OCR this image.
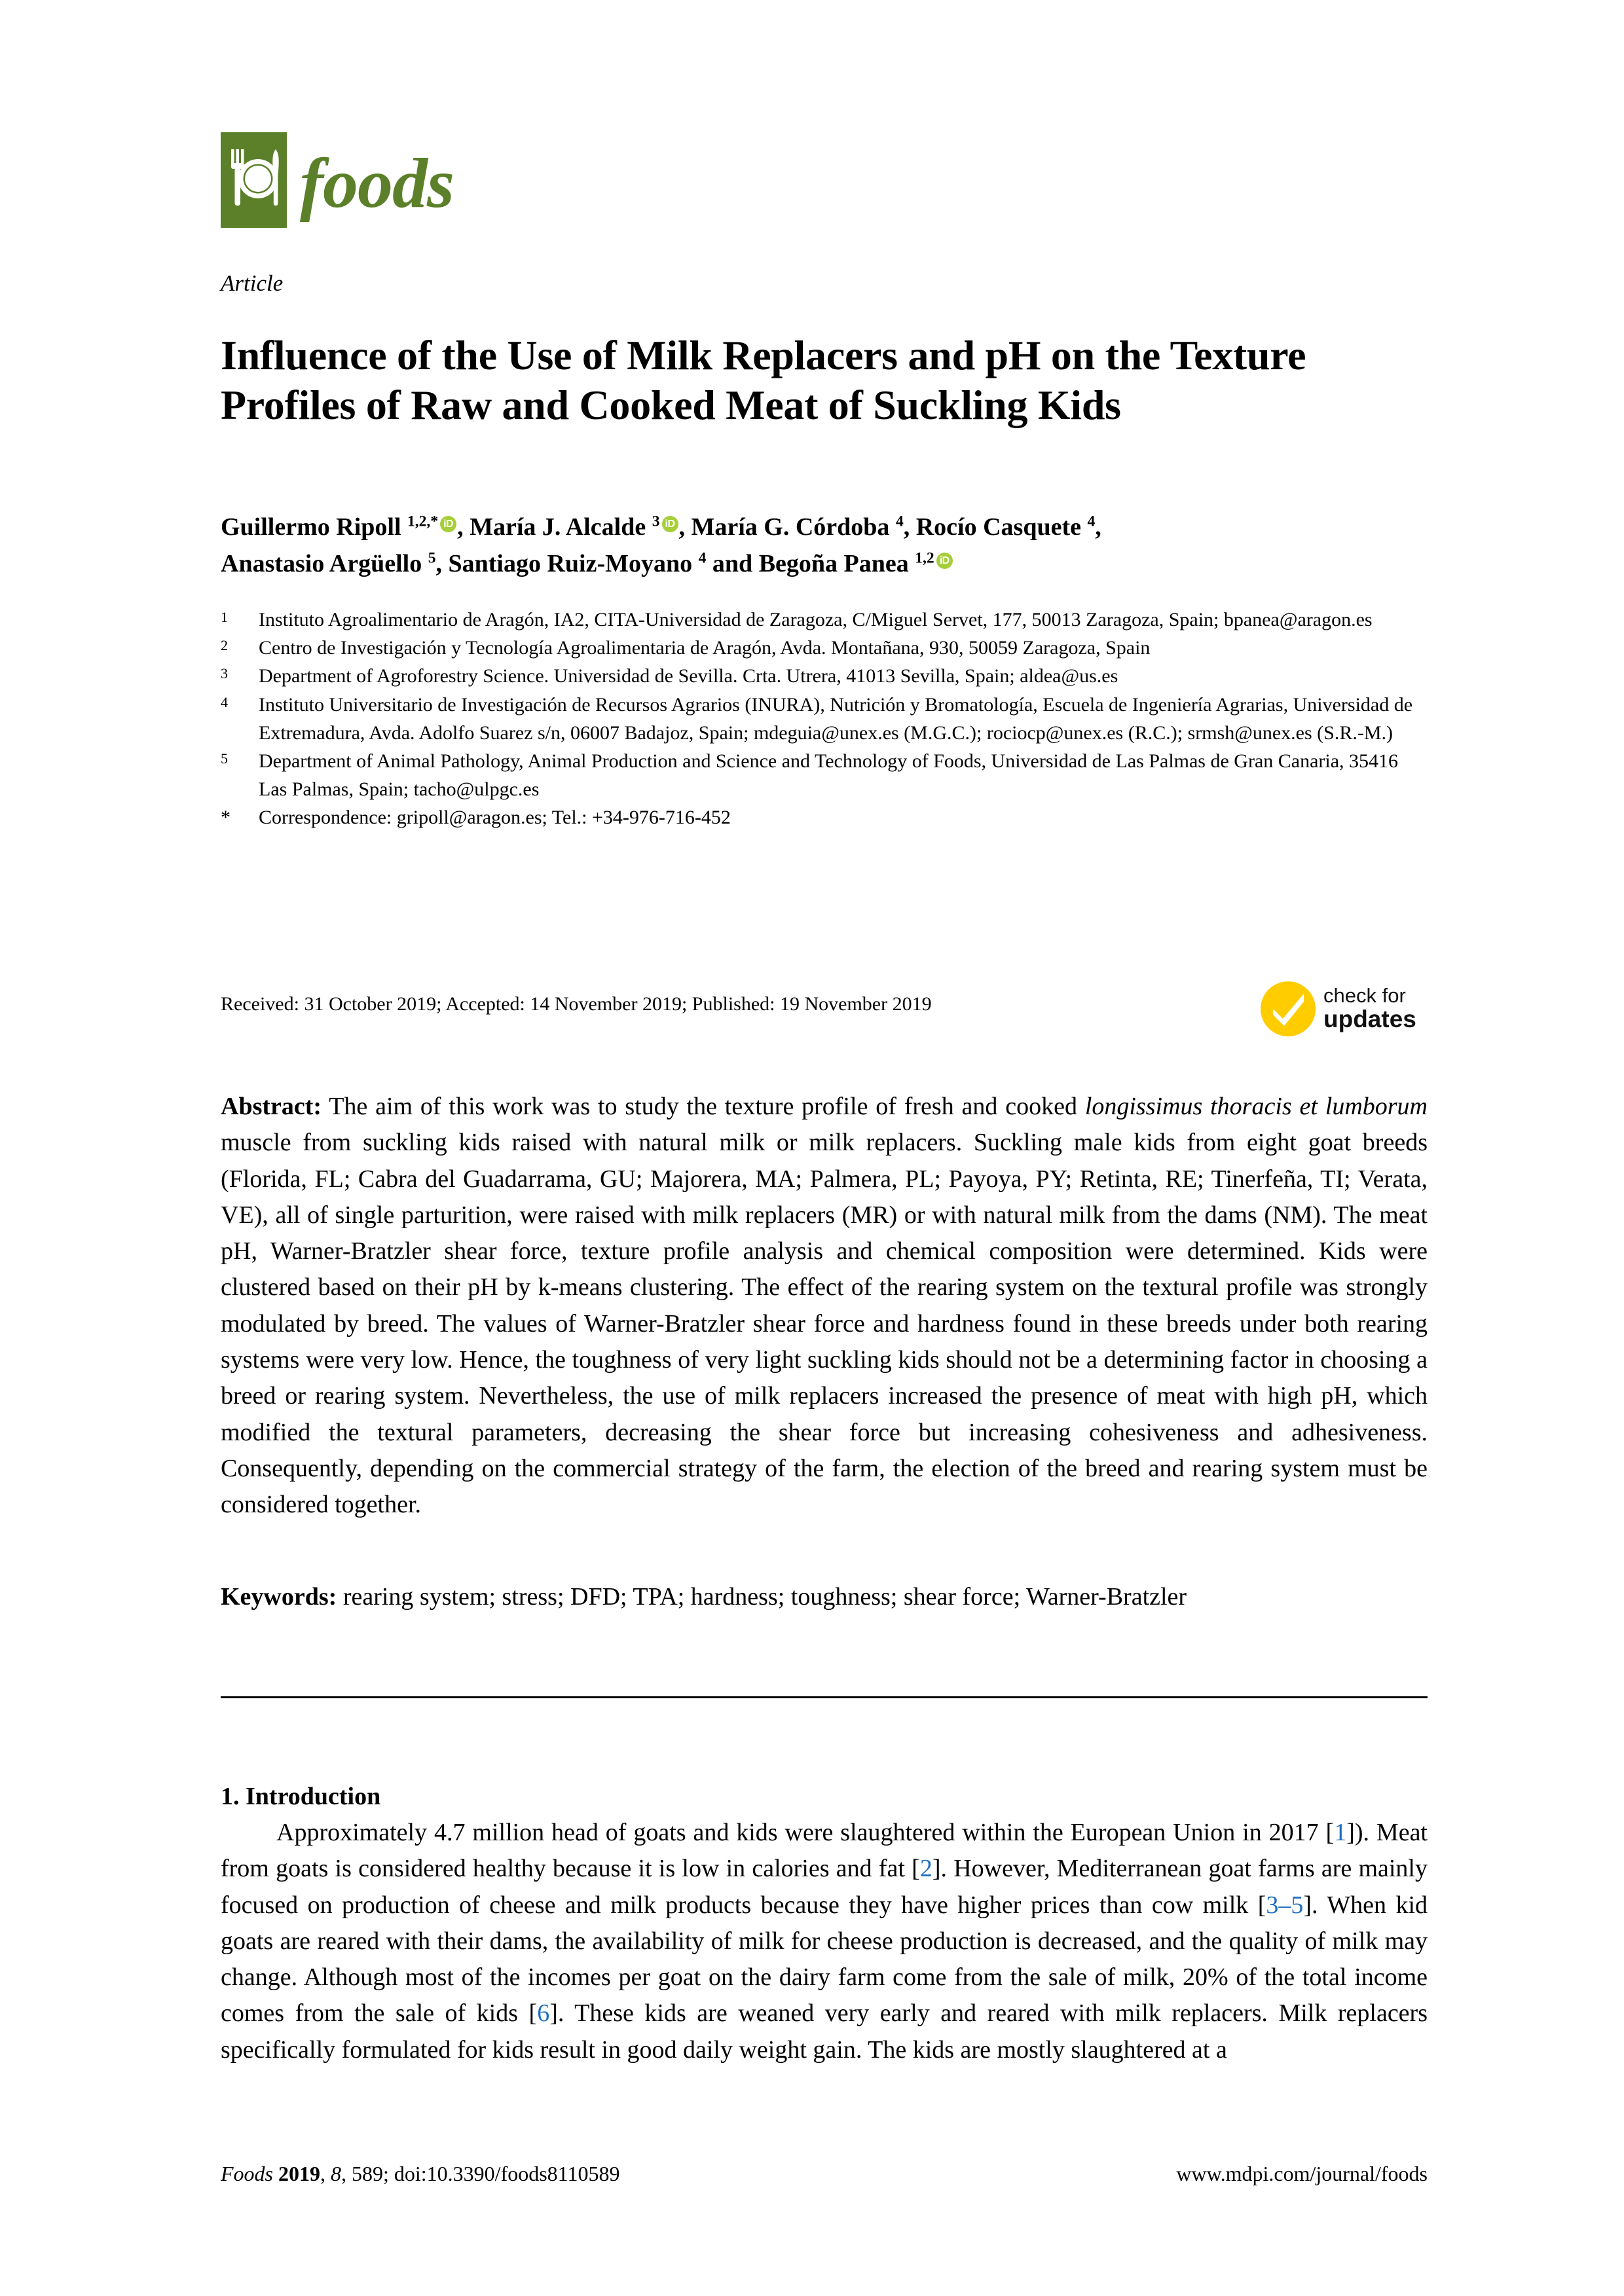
foods
Article
Influence of the Use of Milk Replacers and pH on the Texture Profiles of Raw and Cooked Meat of Suckling Kids
Guillermo Ripoll $^{1,2,*}$ iD , María J. Alcalde $^3$ iD , María G. Córdoba $^4$, Rocío Casquete $^4$,
Anastasio Argüello $^5$, Santiago Ruiz-Moyano $^4$ and Begoña Panea $^{1,2}$ iD
1	Instituto Agroalimentario de Aragón, IA2, CITA-Universidad de Zaragoza, C/Miguel Servet, 177, 50013 Zaragoza, Spain; bpanea@aragon.es
2	Centro de Investigación y Tecnología Agroalimentaria de Aragón, Avda. Montañana, 930, 50059 Zaragoza, Spain
3	Department of Agroforestry Science. Universidad de Sevilla. Crta. Utrera, 41013 Sevilla, Spain; aldea@us.es
4	Instituto Universitario de Investigación de Recursos Agrarios (INURA), Nutrición y Bromatología, Escuela de Ingeniería Agrarias, Universidad de Extremadura, Avda. Adolfo Suarez s/n, 06007 Badajoz, Spain; mdeguia@unex.es (M.G.C.); rociocp@unex.es (R.C.); srmsh@unex.es (S.R.-M.)
5	Department of Animal Pathology, Animal Production and Science and Technology of Foods, Universidad de Las Palmas de Gran Canaria, 35416 Las Palmas, Spain; tacho@ulpgc.es
*	Correspondence: gripoll@aragon.es; Tel.: +34-976-716-452
Received: 31 October 2019; Accepted: 14 November 2019; Published: 19 November 2019	check for
updates
Abstract: The aim of this work was to study the texture profile of fresh and cooked longissimus thoracis et lumborum muscle from suckling kids raised with natural milk or milk replacers. Suckling male kids from eight goat breeds (Florida, FL; Cabra del Guadarrama, GU; Majorera, MA; Palmera, PL; Payoya, PY; Retinta, RE; Tinerfeña, TI; Verata, VE), all of single parturition, were raised with milk replacers (MR) or with natural milk from the dams (NM). The meat pH, Warner-Bratzler shear force, texture profile analysis and chemical composition were determined. Kids were clustered based on their pH by k-means clustering. The effect of the rearing system on the textural profile was strongly modulated by breed. The values of Warner-Bratzler shear force and hardness found in these breeds under both rearing systems were very low. Hence, the toughness of very light suckling kids should not be a determining factor in choosing a breed or rearing system. Nevertheless, the use of milk replacers increased the presence of meat with high pH, which modified the textural parameters, decreasing the shear force but increasing cohesiveness and adhesiveness. Consequently, depending on the commercial strategy of the farm, the election of the breed and rearing system must be considered together.
Keywords: rearing system; stress; DFD; TPA; hardness; toughness; shear force; Warner-Bratzler
1. Introduction
Approximately 4.7 million head of goats and kids were slaughtered within the European Union in 2017 [1]). Meat from goats is considered healthy because it is low in calories and fat [2]. However, Mediterranean goat farms are mainly focused on production of cheese and milk products because they have higher prices than cow milk [3–5]. When kid goats are reared with their dams, the availability of milk for cheese production is decreased, and the quality of milk may change. Although most of the incomes per goat on the dairy farm come from the sale of milk, 20% of the total income comes from the sale of kids [6]. These kids are weaned very early and reared with milk replacers. Milk replacers specifically formulated for kids result in good daily weight gain. The kids are mostly slaughtered at a
Foods 2019, 8, 589; doi:10.3390/foods8110589	www.mdpi.com/journal/foods
